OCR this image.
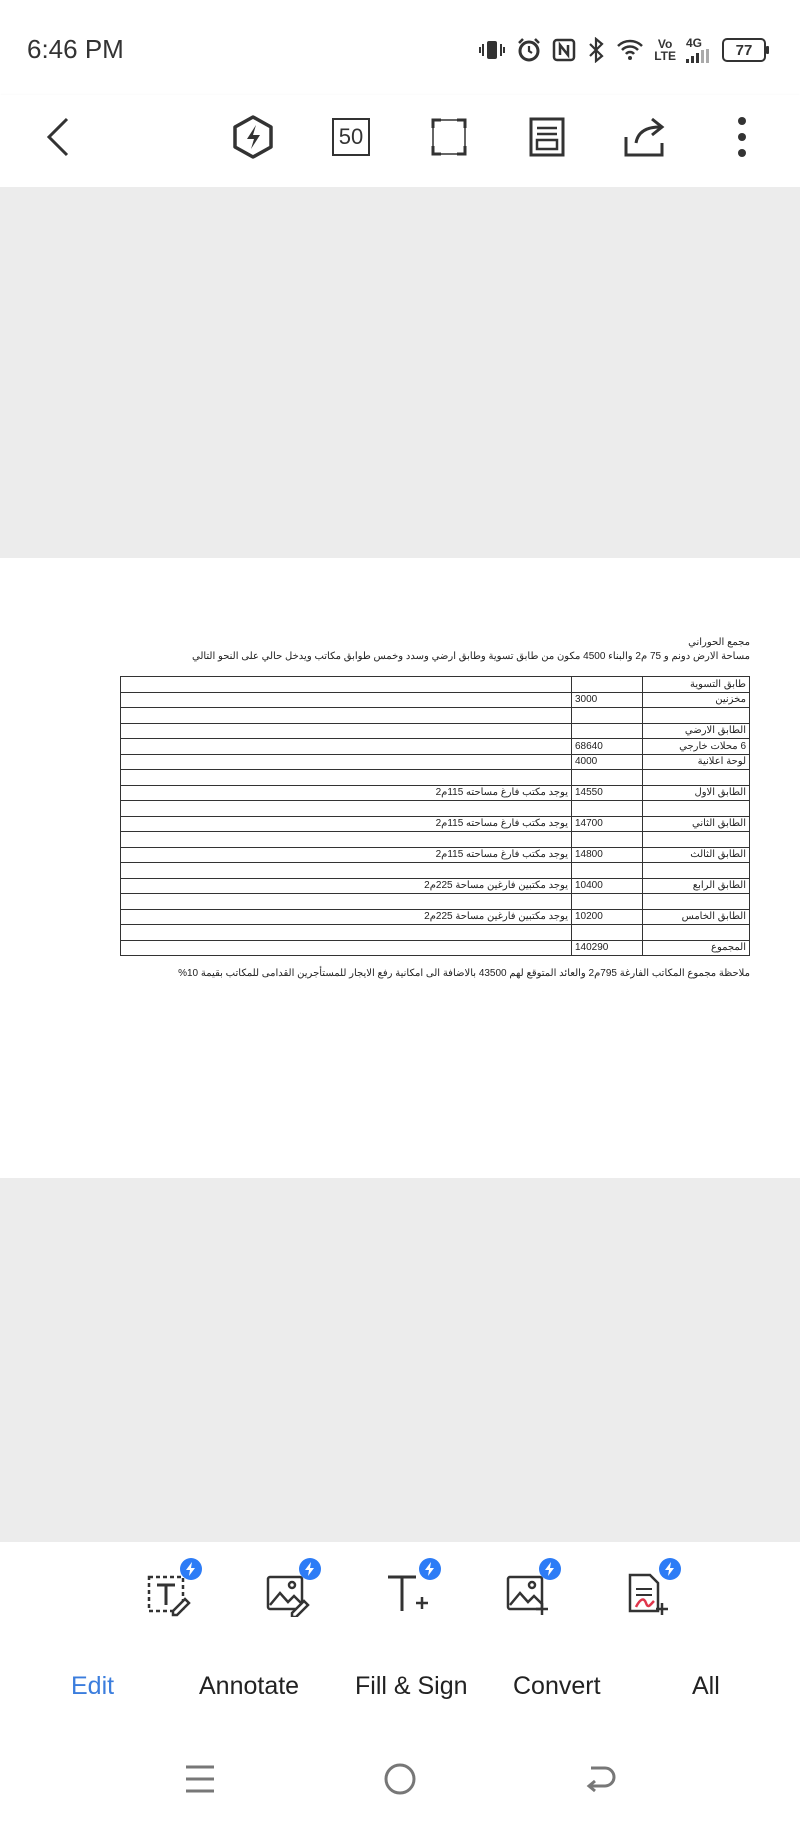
6:46 PM	Vo
LTE
4G 77
50
مجمع الحوراني
مساحة الارض دونم و 75 م2 والبناء 4500 مكون من طابق تسوية وطابق ارضي وسدد وخمس طوابق مكاتب ويدخل حالي على النحو التالي
طابق التسوية		
مخزنين	3000	

الطابق الارضي		
6 محلات خارجي	68640	
لوحة اعلانية	4000	

الطابق الاول	14550	يوجد مكتب فارغ مساحته 115م2

الطابق الثاني	14700	يوجد مكتب فارغ مساحته 115م2

الطابق الثالث	14800	يوجد مكتب فارغ مساحته 115م2

الطابق الرابع	10400	يوجد مكتبين فارغين مساحة 225م2

الطابق الخامس	10200	يوجد مكتبين فارغين مساحة 225م2

المجموع	140290	
ملاحظة مجموع المكاتب الفارغة 795م2 والعائد المتوقع لهم 43500 بالاضافة الى امكانية رفع الايجار للمستأجرين القدامى للمكاتب بقيمة 10%
Edit	Annotate Fill & Sign Convert	All
